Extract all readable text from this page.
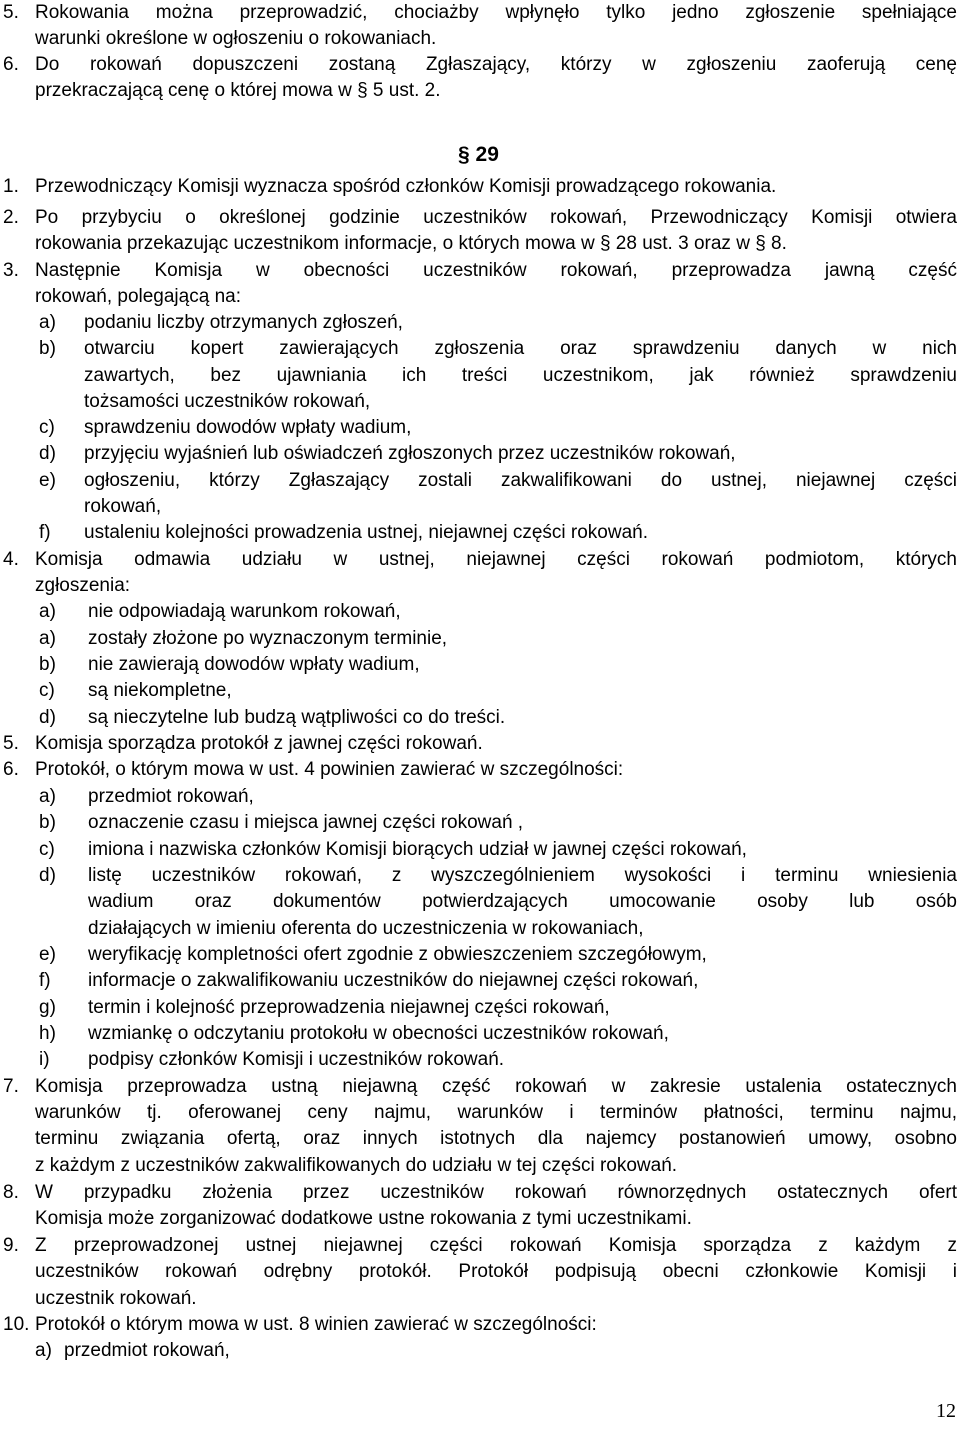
5. Rokowania można przeprowadzić, chociażby wpłynęło tylko jedno zgłoszenie spełniające
warunki określone w ogłoszeniu o rokowaniach.
6. Do rokowań dopuszczeni zostaną Zgłaszający, którzy w zgłoszeniu zaoferują cenę
przekraczającą cenę o której mowa w § 5 ust. 2.
§ 29
1. Przewodniczący Komisji wyznacza spośród członków Komisji prowadzącego rokowania.
2. Po przybyciu o określonej godzinie uczestników rokowań, Przewodniczący Komisji otwiera
rokowania przekazując uczestnikom informacje, o których mowa w § 28 ust. 3 oraz w § 8.
3. Następnie Komisja w obecności uczestników rokowań, przeprowadza jawną część
rokowań, polegającą na:
a) podaniu liczby otrzymanych zgłoszeń,
b) otwarciu kopert zawierających zgłoszenia oraz sprawdzeniu danych w nich
zawartych, bez ujawniania ich treści uczestnikom, jak również sprawdzeniu
tożsamości uczestników rokowań,
c) sprawdzeniu dowodów wpłaty wadium,
d) przyjęciu wyjaśnień lub oświadczeń zgłoszonych przez uczestników rokowań,
e) ogłoszeniu, którzy Zgłaszający zostali zakwalifikowani do ustnej, niejawnej części
rokowań,
f) ustaleniu kolejności prowadzenia ustnej, niejawnej części rokowań.
4. Komisja odmawia udziału w ustnej, niejawnej części rokowań podmiotom, których
zgłoszenia:
a) nie odpowiadają warunkom rokowań,
a) zostały złożone po wyznaczonym terminie,
b) nie zawierają dowodów wpłaty wadium,
c) są niekompletne,
d) są nieczytelne lub budzą wątpliwości co do treści.
5. Komisja sporządza protokół z jawnej części rokowań.
6. Protokół, o którym mowa w ust. 4 powinien zawierać w szczególności:
a) przedmiot rokowań,
b) oznaczenie czasu i miejsca jawnej części rokowań ,
c) imiona i nazwiska członków Komisji biorących udział w jawnej części rokowań,
d) listę uczestników rokowań, z wyszczególnieniem wysokości i terminu wniesienia
wadium oraz dokumentów potwierdzających umocowanie osoby lub osób
działających w imieniu oferenta do uczestniczenia w rokowaniach,
e) weryfikację kompletności ofert zgodnie z obwieszczeniem szczegółowym,
f) informacje o zakwalifikowaniu uczestników do niejawnej części rokowań,
g) termin i kolejność przeprowadzenia niejawnej części rokowań,
h) wzmiankę o odczytaniu protokołu w obecności uczestników rokowań,
i) podpisy członków Komisji i uczestników rokowań.
7. Komisja przeprowadza ustną niejawną część rokowań w zakresie ustalenia ostatecznych
warunków tj. oferowanej ceny najmu, warunków i terminów płatności, terminu najmu,
terminu związania ofertą, oraz innych istotnych dla najemcy postanowień umowy, osobno
z każdym z uczestników zakwalifikowanych do udziału w tej części rokowań.
8. W przypadku złożenia przez uczestników rokowań równorzędnych ostatecznych ofert
Komisja może zorganizować dodatkowe ustne rokowania z tymi uczestnikami.
9. Z przeprowadzonej ustnej niejawnej części rokowań Komisja sporządza z każdym z
uczestników rokowań odrębny protokół. Protokół podpisują obecni członkowie Komisji i
uczestnik rokowań.
10. Protokół o którym mowa w ust. 8 winien zawierać w szczególności:
a) przedmiot rokowań,
12
